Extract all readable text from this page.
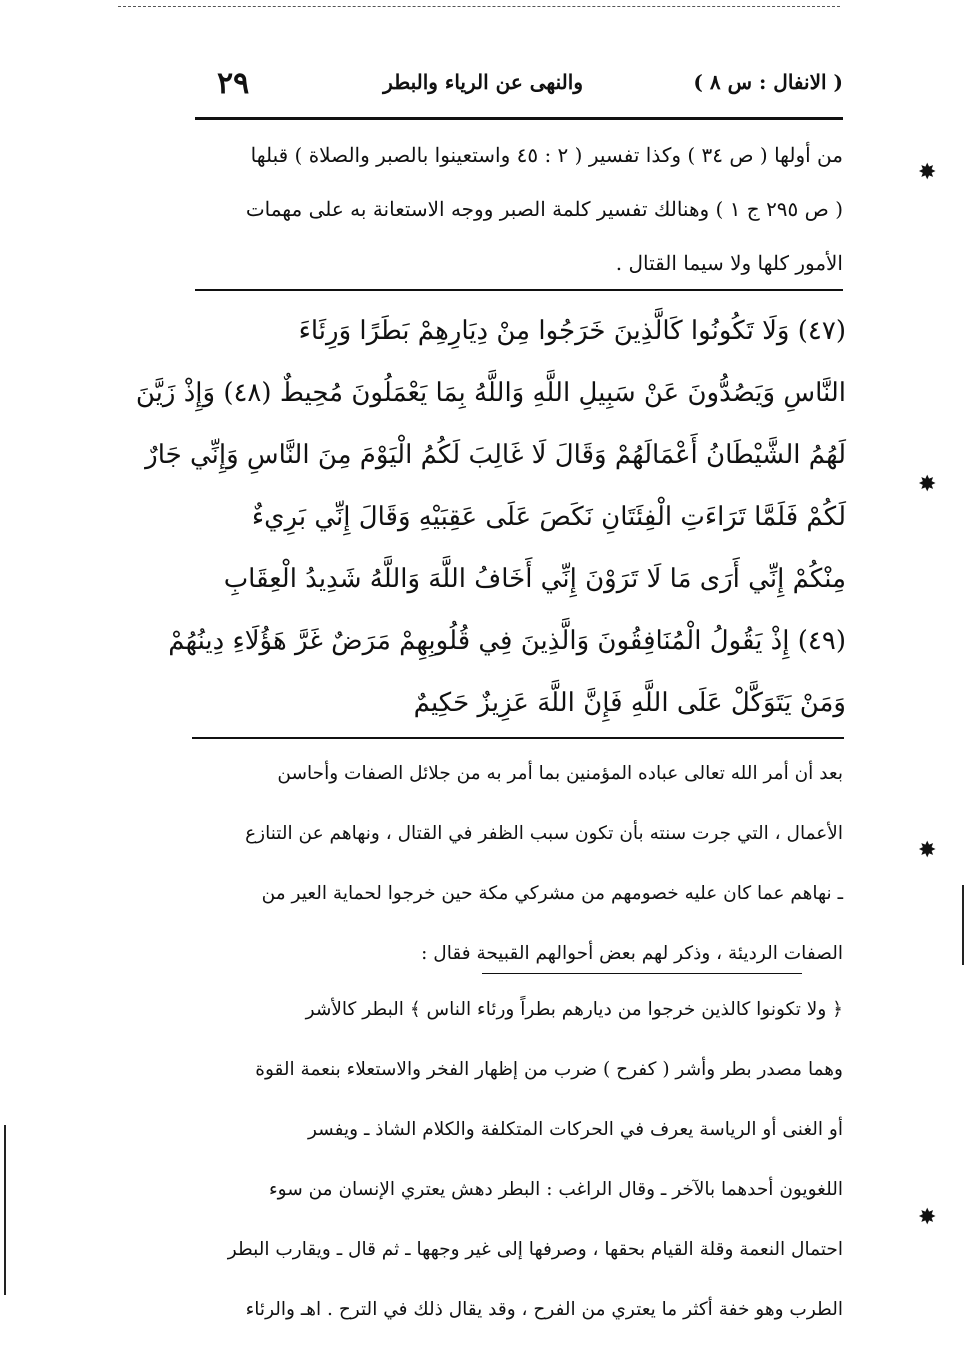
( الانفال : س ٨ )
والنهى عن الرياء والبطر
٢٩

من أولها ( ص ٣٤ ) وكذا تفسير ( ٢ : ٤٥ واستعينوا بالصبر والصلاة ) قبلها

( ص ٢٩٥ ج ١ ) وهنالك تفسير كلمة الصبر ووجه الاستعانة به على مهمات

الأمور كلها ولا سيما القتال .

(٤٧) وَلَا تَكُونُوا كَالَّذِينَ خَرَجُوا مِنْ دِيَارِهِمْ بَطَرًا وَرِئَاءَ

النَّاسِ وَيَصُدُّونَ عَنْ سَبِيلِ اللَّهِ وَاللَّهُ بِمَا يَعْمَلُونَ مُحِيطٌ (٤٨) وَإِذْ زَيَّنَ

لَهُمُ الشَّيْطَانُ أَعْمَالَهُمْ وَقَالَ لَا غَالِبَ لَكُمُ الْيَوْمَ مِنَ النَّاسِ وَإِنِّي جَارٌ

لَكُمْ فَلَمَّا تَرَاءَتِ الْفِئَتَانِ نَكَصَ عَلَى عَقِبَيْهِ وَقَالَ إِنِّي بَرِيءٌ

مِنْكُمْ إِنِّي أَرَى مَا لَا تَرَوْنَ إِنِّي أَخَافُ اللَّهَ وَاللَّهُ شَدِيدُ الْعِقَابِ

(٤٩) إِذْ يَقُولُ الْمُنَافِقُونَ وَالَّذِينَ فِي قُلُوبِهِمْ مَرَضٌ غَرَّ هَؤُلَاءِ دِينُهُمْ

وَمَنْ يَتَوَكَّلْ عَلَى اللَّهِ فَإِنَّ اللَّهَ عَزِيزٌ حَكِيمٌ

بعد أن أمر الله تعالى عباده المؤمنين بما أمر به من جلائل الصفات وأحاسن

الأعمال ، التي جرت سنته بأن تكون سبب الظفر في القتال ، ونهاهم عن التنازع

ـ نهاهم عما كان عليه خصومهم من مشركي مكة حين خرجوا لحماية العير من

الصفات الرديئة ، وذكر لهم بعض أحوالهم القبيحة فقال :

﴿ ولا تكونوا كالذين خرجوا من ديارهم بطراً ورئاء الناس ﴾ البطر كالأشر

وهما مصدر بطر وأشر ( كفرح ) ضرب من إظهار الفخر والاستعلاء بنعمة القوة

أو الغنى أو الرياسة يعرف في الحركات المتكلفة والكلام الشاذ ـ ويفسر

اللغويون أحدهما بالآخر ـ وقال الراغب : البطر دهش يعتري الإنسان من سوء

احتمال النعمة وقلة القيام بحقها ، وصرفها إلى غير وجهها ـ ثم قال ـ ويقارب البطر

الطرب وهو خفة أكثر ما يعتري من الفرح ، وقد يقال ذلك في الترح . اهـ والرئاء

✸
✸
✸
✸
